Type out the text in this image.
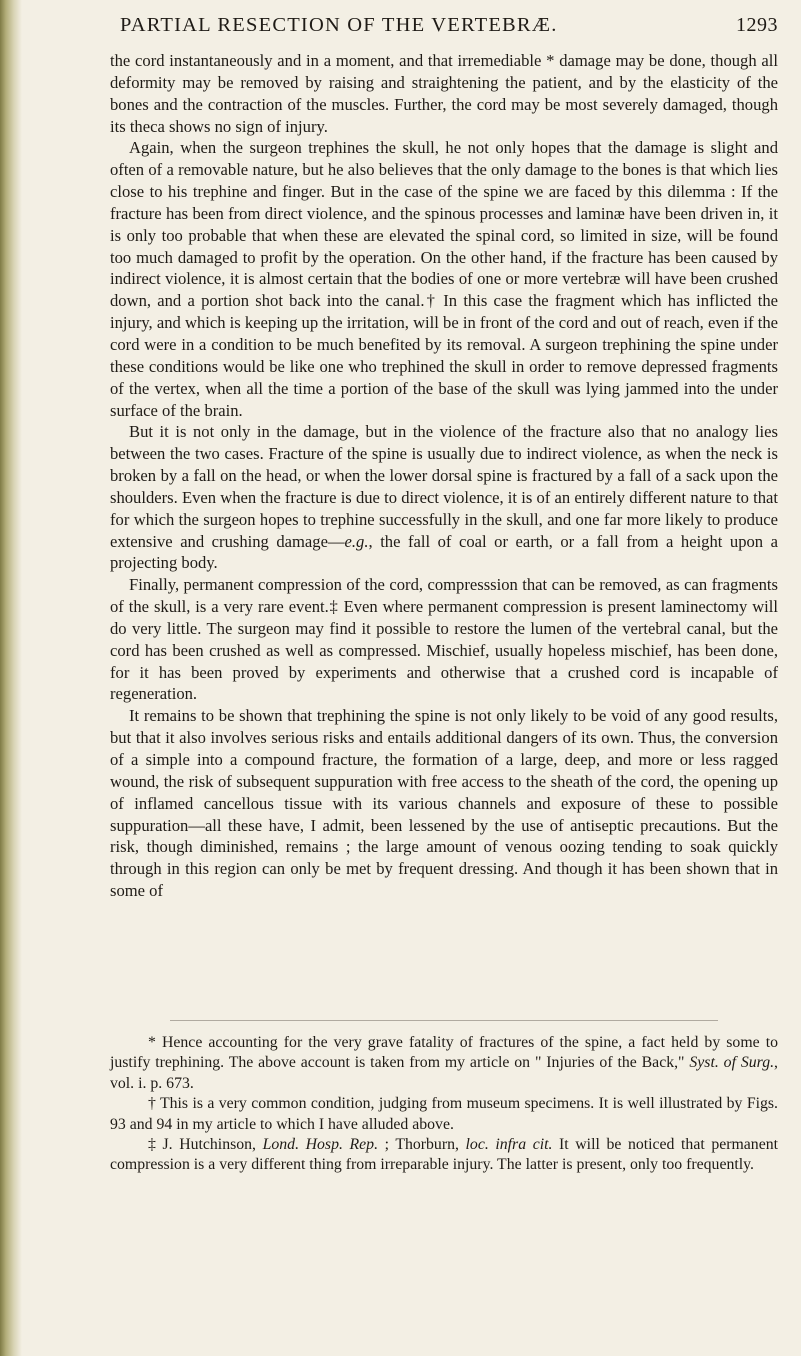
PARTIAL RESECTION OF THE VERTEBRÆ.	1293

the cord instantaneously and in a moment, and that irremediable * damage may be done, though all deformity may be removed by raising and straightening the patient, and by the elasticity of the bones and the contraction of the muscles. Further, the cord may be most severely damaged, though its theca shows no sign of injury.

Again, when the surgeon trephines the skull, he not only hopes that the damage is slight and often of a removable nature, but he also believes that the only damage to the bones is that which lies close to his trephine and finger. But in the case of the spine we are faced by this dilemma : If the fracture has been from direct violence, and the spinous processes and laminæ have been driven in, it is only too probable that when these are elevated the spinal cord, so limited in size, will be found too much damaged to profit by the operation. On the other hand, if the fracture has been caused by indirect violence, it is almost certain that the bodies of one or more vertebræ will have been crushed down, and a portion shot back into the canal.† In this case the fragment which has inflicted the injury, and which is keeping up the irritation, will be in front of the cord and out of reach, even if the cord were in a condition to be much benefited by its removal. A surgeon trephining the spine under these conditions would be like one who trephined the skull in order to remove depressed fragments of the vertex, when all the time a portion of the base of the skull was lying jammed into the under surface of the brain.

But it is not only in the damage, but in the violence of the fracture also that no analogy lies between the two cases. Fracture of the spine is usually due to indirect violence, as when the neck is broken by a fall on the head, or when the lower dorsal spine is fractured by a fall of a sack upon the shoulders. Even when the fracture is due to direct violence, it is of an entirely different nature to that for which the surgeon hopes to trephine successfully in the skull, and one far more likely to produce extensive and crushing damage—e.g., the fall of coal or earth, or a fall from a height upon a projecting body.

Finally, permanent compression of the cord, compresssion that can be removed, as can fragments of the skull, is a very rare event.‡ Even where permanent compression is present laminectomy will do very little. The surgeon may find it possible to restore the lumen of the vertebral canal, but the cord has been crushed as well as compressed. Mischief, usually hopeless mischief, has been done, for it has been proved by experiments and otherwise that a crushed cord is incapable of regeneration.

It remains to be shown that trephining the spine is not only likely to be void of any good results, but that it also involves serious risks and entails additional dangers of its own. Thus, the conversion of a simple into a compound fracture, the formation of a large, deep, and more or less ragged wound, the risk of subsequent suppuration with free access to the sheath of the cord, the opening up of inflamed cancellous tissue with its various channels and exposure of these to possible suppuration—all these have, I admit, been lessened by the use of antiseptic precautions. But the risk, though diminished, remains ; the large amount of venous oozing tending to soak quickly through in this region can only be met by frequent dressing. And though it has been shown that in some of

* Hence accounting for the very grave fatality of fractures of the spine, a fact held by some to justify trephining. The above account is taken from my article on " Injuries of the Back," Syst. of Surg., vol. i. p. 673.

† This is a very common condition, judging from museum specimens. It is well illustrated by Figs. 93 and 94 in my article to which I have alluded above.

‡ J. Hutchinson, Lond. Hosp. Rep. ; Thorburn, loc. infra cit. It will be noticed that permanent compression is a very different thing from irreparable injury. The latter is present, only too frequently.
